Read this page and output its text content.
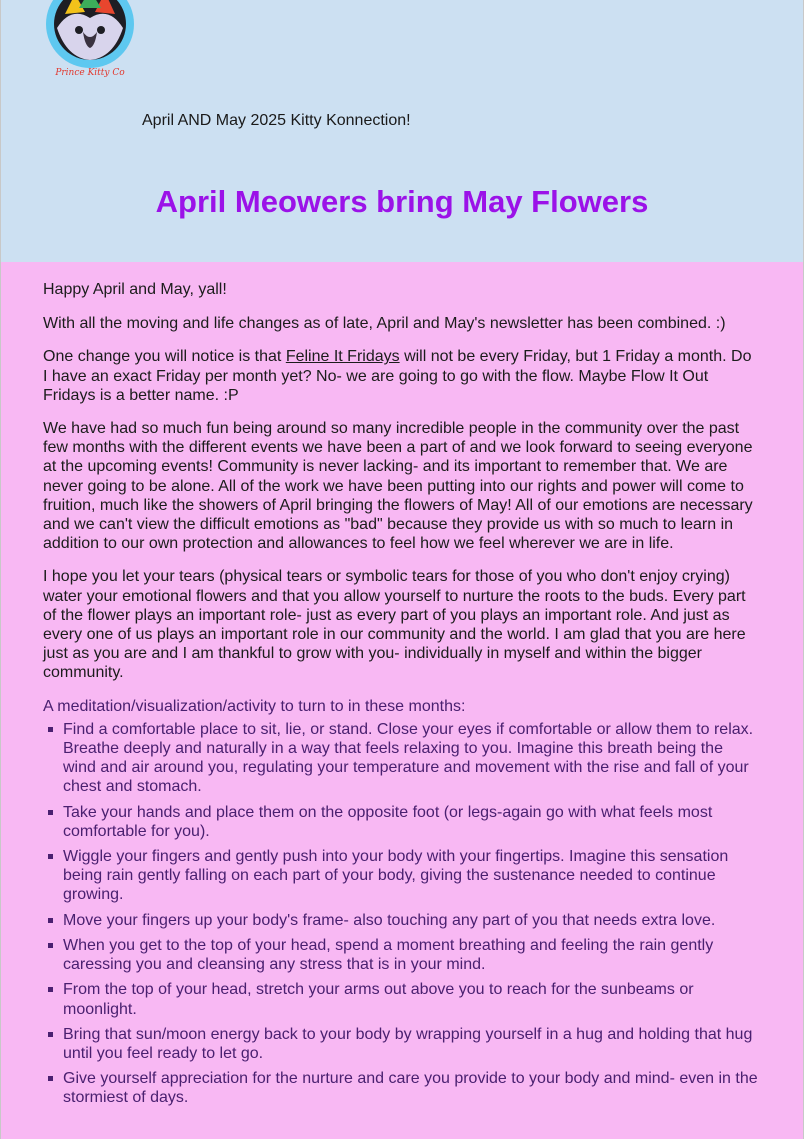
Prince Kitty Co
April AND May 2025 Kitty Konnection!
April Meowers bring May Flowers

Happy April and May, yall!

With all the moving and life changes as of late, April and May's newsletter has been combined. :)

One change you will notice is that Feline It Fridays will not be every Friday, but 1 Friday a month. Do I have an exact Friday per month yet? No- we are going to go with the flow. Maybe Flow It Out Fridays is a better name. :P

We have had so much fun being around so many incredible people in the community over the past few months with the different events we have been a part of and we look forward to seeing everyone at the upcoming events! Community is never lacking- and its important to remember that. We are never going to be alone. All of the work we have been putting into our rights and power will come to fruition, much like the showers of April bringing the flowers of May! All of our emotions are necessary and we can't view the difficult emotions as "bad" because they provide us with so much to learn in addition to our own protection and allowances to feel how we feel wherever we are in life.

I hope you let your tears (physical tears or symbolic tears for those of you who don't enjoy crying) water your emotional flowers and that you allow yourself to nurture the roots to the buds. Every part of the flower plays an important role- just as every part of you plays an important role. And just as every one of us plays an important role in our community and the world. I am glad that you are here just as you are and I am thankful to grow with you- individually in myself and within the bigger community.

A meditation/visualization/activity to turn to in these months:

Find a comfortable place to sit, lie, or stand. Close your eyes if comfortable or allow them to relax. Breathe deeply and naturally in a way that feels relaxing to you. Imagine this breath being the wind and air around you, regulating your temperature and movement with the rise and fall of your chest and stomach.
Take your hands and place them on the opposite foot (or legs-again go with what feels most comfortable for you).
Wiggle your fingers and gently push into your body with your fingertips. Imagine this sensation being rain gently falling on each part of your body, giving the sustenance needed to continue growing.
Move your fingers up your body's frame- also touching any part of you that needs extra love.
When you get to the top of your head, spend a moment breathing and feeling the rain gently caressing you and cleansing any stress that is in your mind.
From the top of your head, stretch your arms out above you to reach for the sunbeams or moonlight.
Bring that sun/moon energy back to your body by wrapping yourself in a hug and holding that hug until you feel ready to let go.
Give yourself appreciation for the nurture and care you provide to your body and mind- even in the stormiest of days.
